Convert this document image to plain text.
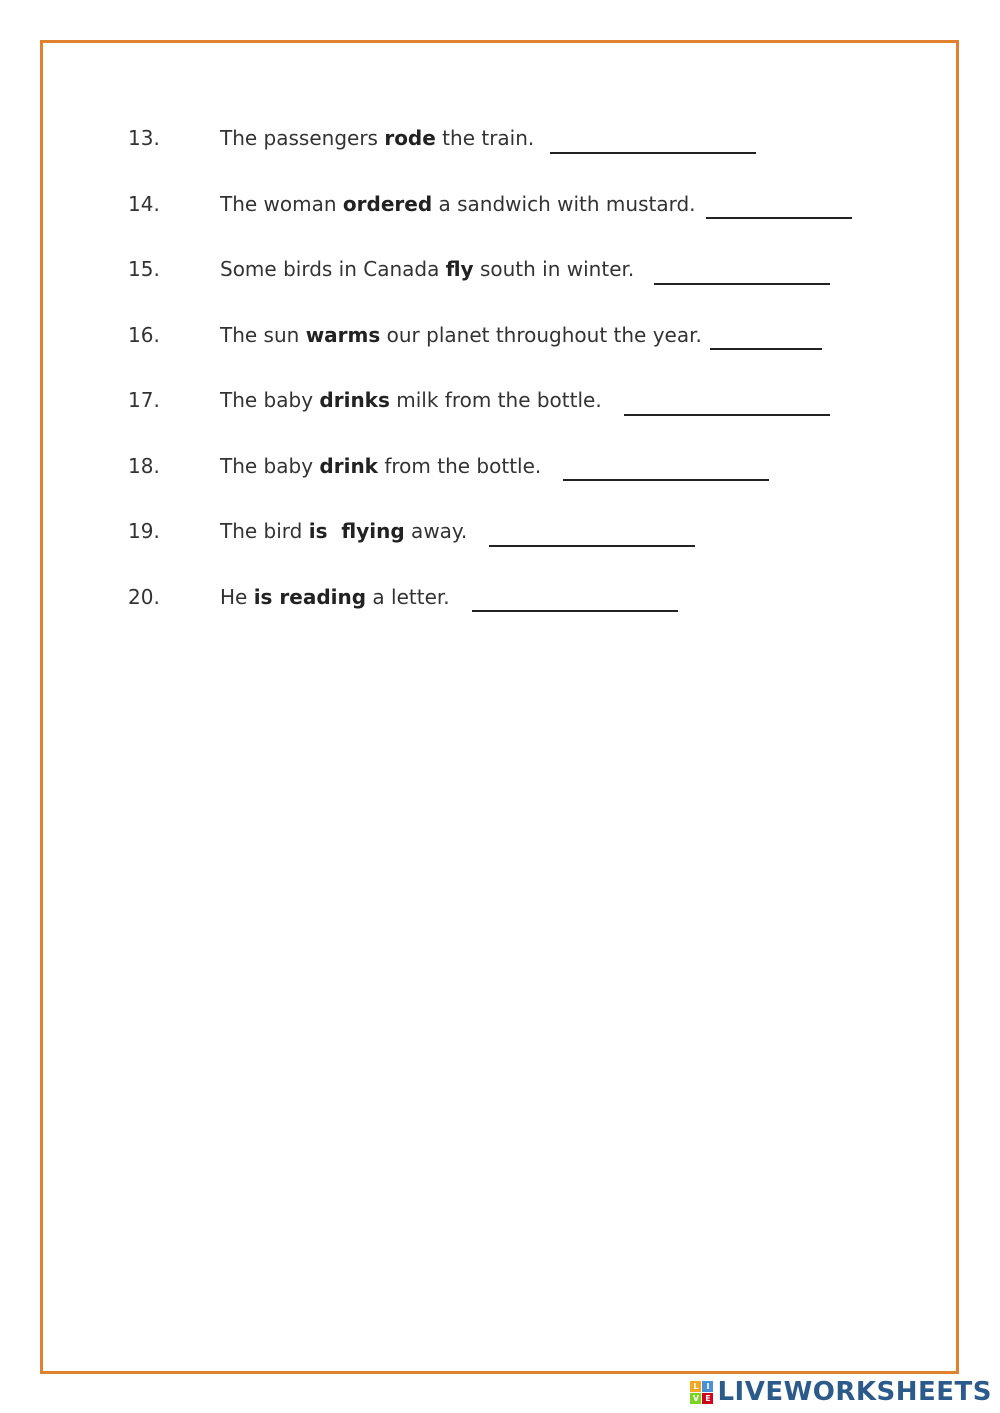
13.	The passengers rode the train.
14.	The woman ordered a sandwich with mustard.
15.	Some birds in Canada fly south in winter.
16.	The sun warms our planet throughout the year.
17.	The baby drinks milk from the bottle.
18.	The baby drink from the bottle.
19.	The bird is  flying away.
20.	He is reading a letter.
L I
V E LIVEWORKSHEETS
